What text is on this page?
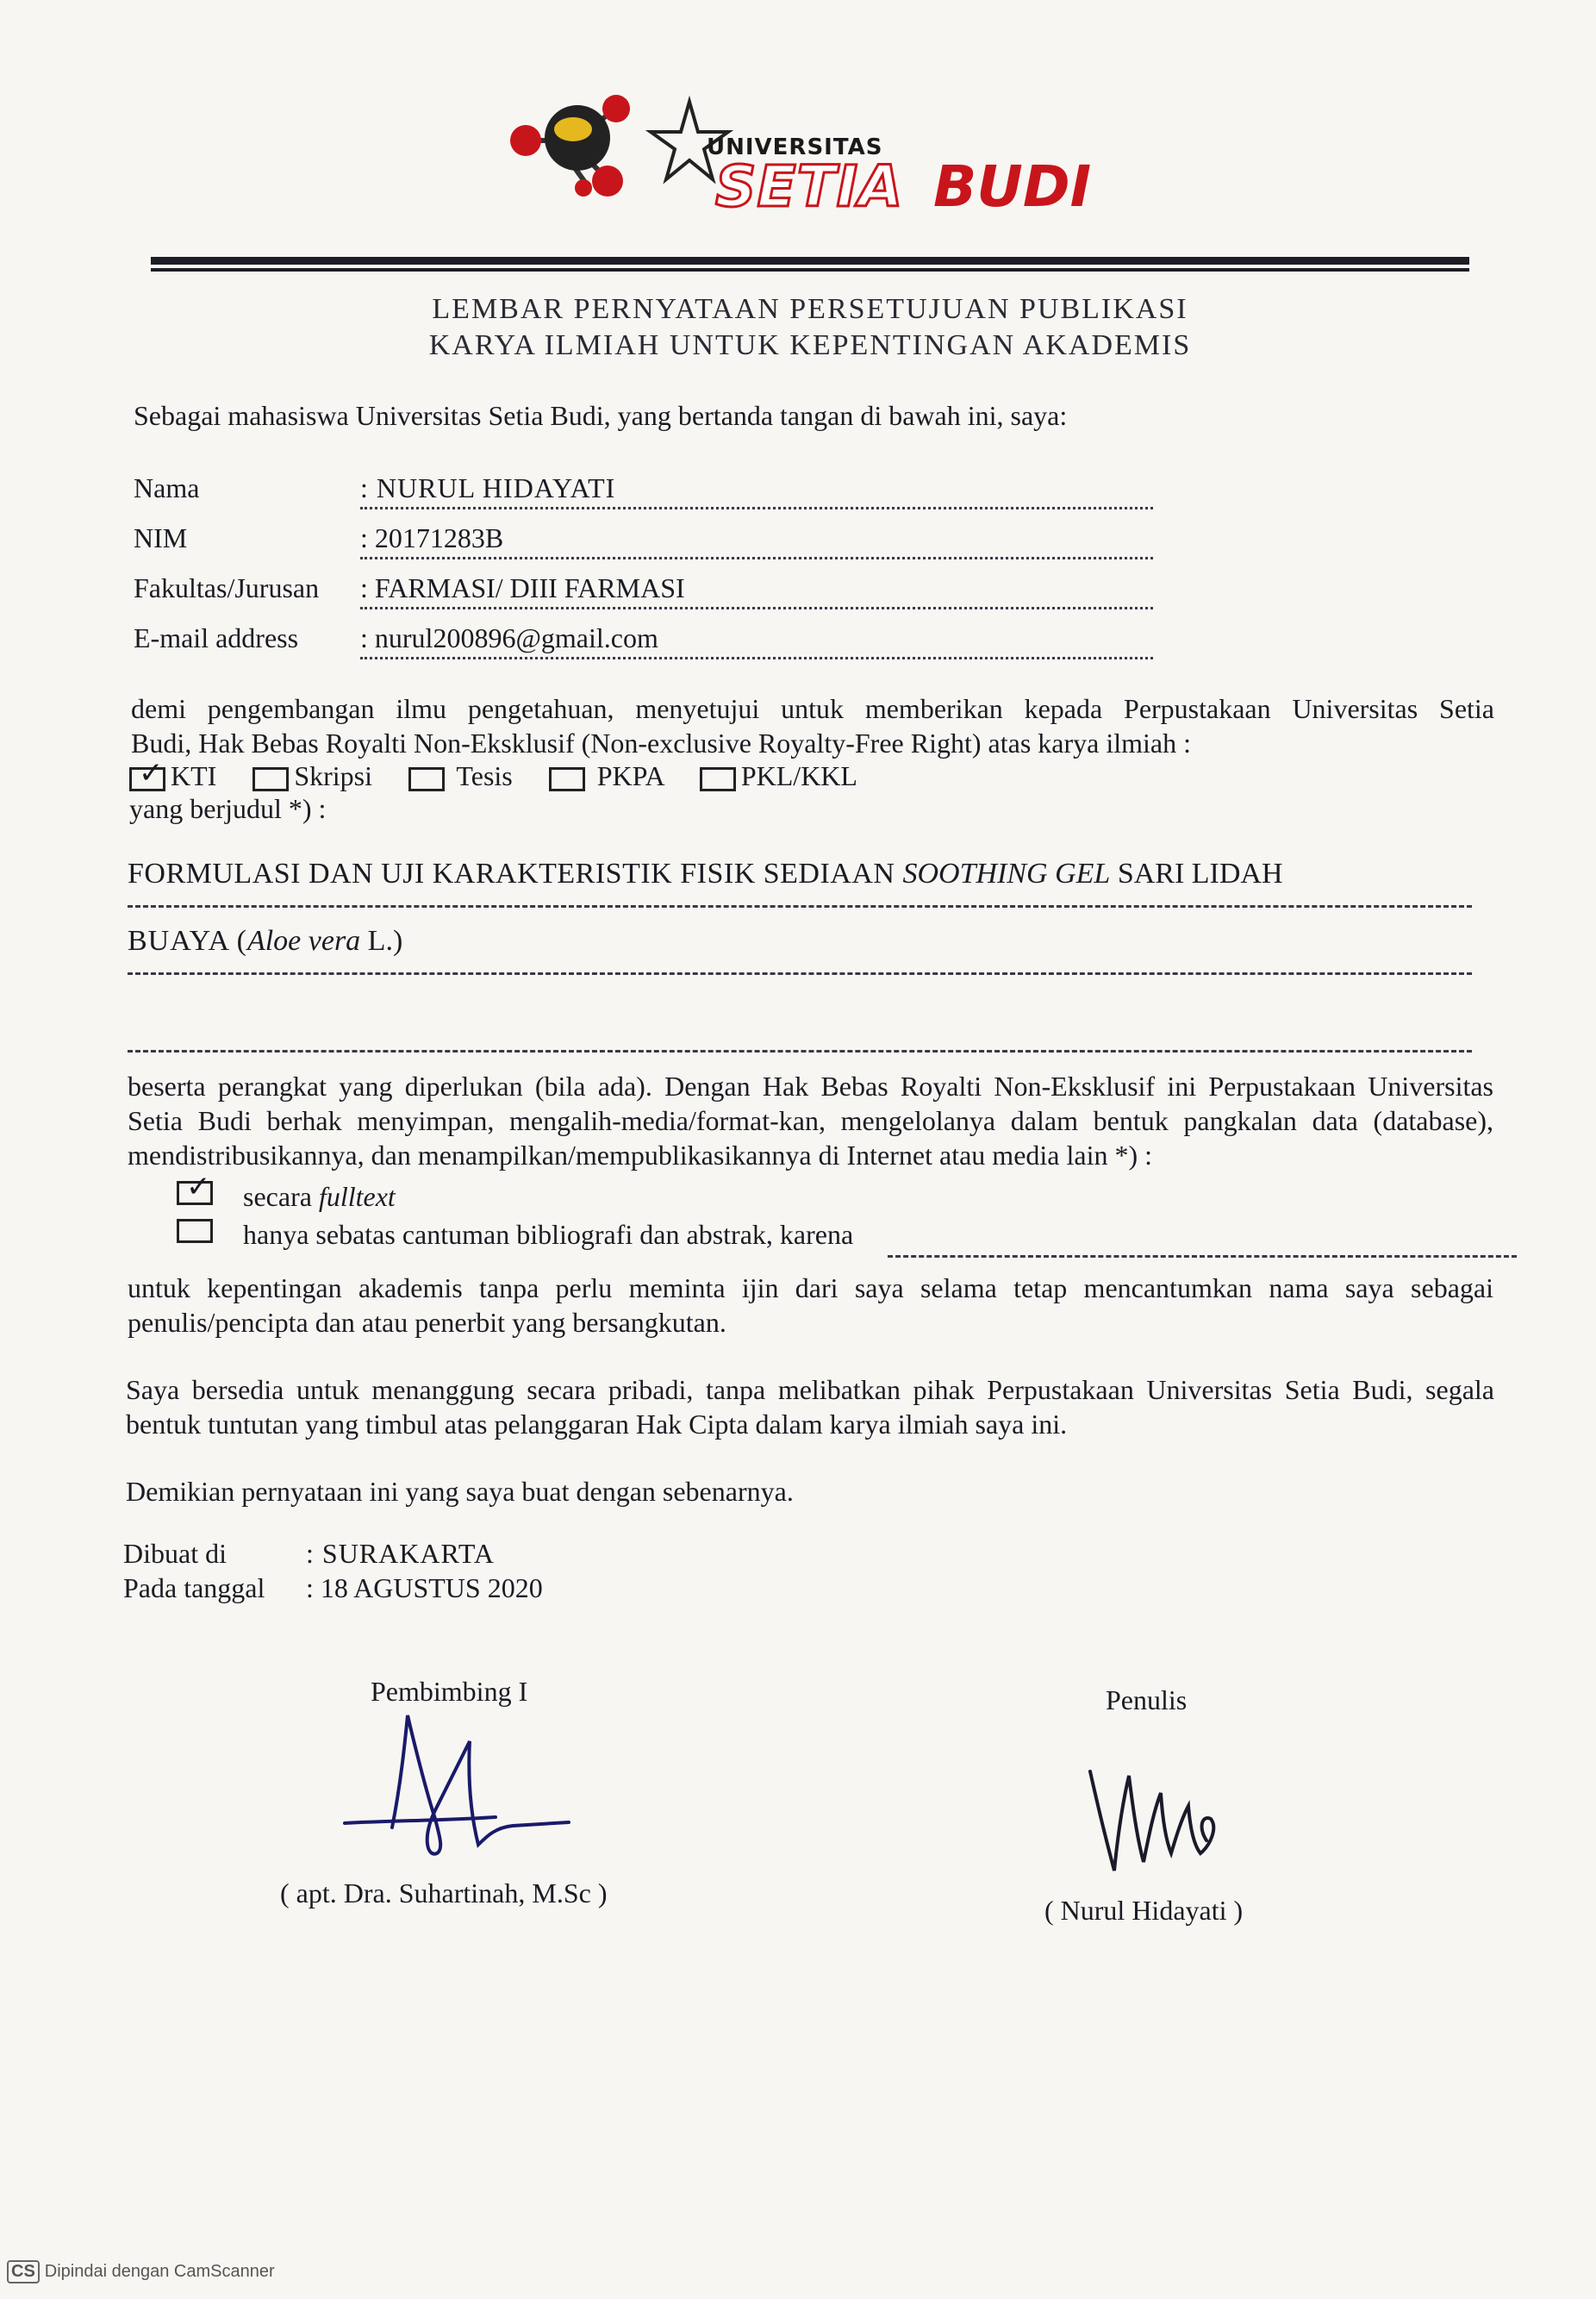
UNIVERSITAS
SETIA BUDI
LEMBAR PERNYATAAN PERSETUJUAN PUBLIKASI
KARYA ILMIAH UNTUK KEPENTINGAN AKADEMIS
Sebagai mahasiswa Universitas Setia Budi, yang bertanda tangan di bawah ini, saya:
Nama	: NURUL HIDAYATI
NIM	: 20171283B
Fakultas/Jurusan : FARMASI/ DIII FARMASI
E-mail address : nurul200896@gmail.com
demi pengembangan ilmu pengetahuan, menyetujui untuk memberikan kepada Perpustakaan Universitas Setia
Budi, Hak Bebas Royalti Non-Eksklusif (Non-exclusive Royalty-Free Right) atas karya ilmiah :
✓KTI	Skripsi	Tesis	PKPA	PKL/KKL
yang berjudul *) :
FORMULASI DAN UJI KARAKTERISTIK FISIK SEDIAAN SOOTHING GEL SARI LIDAH
BUAYA (Aloe vera L.)
beserta perangkat yang diperlukan (bila ada). Dengan Hak Bebas Royalti Non-Eksklusif ini Perpustakaan Universitas
Setia Budi berhak menyimpan, mengalih-media/format-kan, mengelolanya dalam bentuk pangkalan data (database),
mendistribusikannya, dan menampilkan/mempublikasikannya di Internet atau media lain *) :
✓
secara fulltext
hanya sebatas cantuman bibliografi dan abstrak, karena
untuk kepentingan akademis tanpa perlu meminta ijin dari saya selama tetap mencantumkan nama saya sebagai
penulis/pencipta dan atau penerbit yang bersangkutan.
Saya bersedia untuk menanggung secara pribadi, tanpa melibatkan pihak Perpustakaan Universitas Setia Budi, segala
bentuk tuntutan yang timbul atas pelanggaran Hak Cipta dalam karya ilmiah saya ini.
Demikian pernyataan ini yang saya buat dengan sebenarnya.
Dibuat di	: SURAKARTA
Pada tanggal : 18 AGUSTUS 2020
Pembimbing I
( apt. Dra. Suhartinah, M.Sc )
Penulis
( Nurul Hidayati )
CS Dipindai dengan CamScanner
